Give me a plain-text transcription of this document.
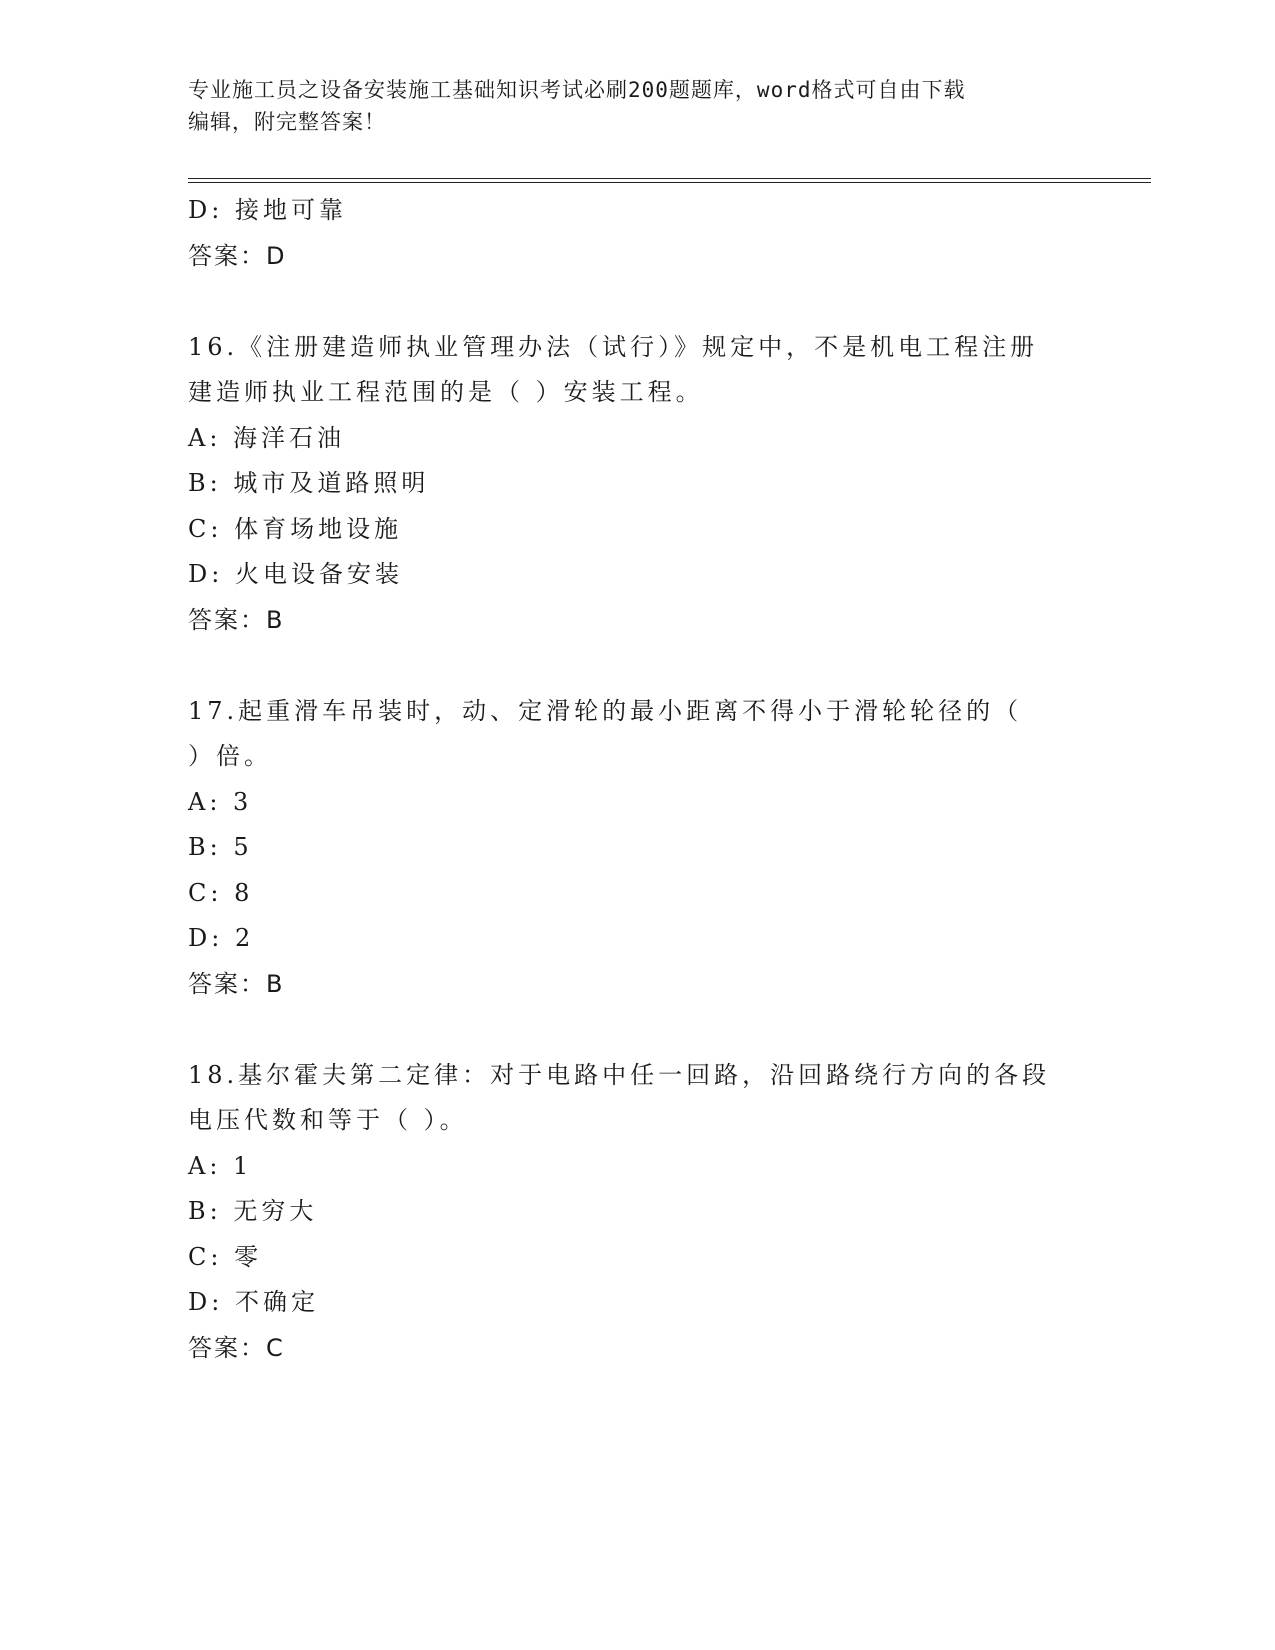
专业施工员之设备安装施工基础知识考试必刷200题题库，word格式可自由下载
编辑，附完整答案！
D: 接地可靠
答案：D
16.《注册建造师执业管理办法（试行）》规定中，不是机电工程注册
建造师执业工程范围的是（ ）安装工程。
A: 海洋石油
B: 城市及道路照明
C: 体育场地设施
D: 火电设备安装
答案：B
17.起重滑车吊装时，动、定滑轮的最小距离不得小于滑轮轮径的（
）倍。
A: 3
B: 5
C: 8
D: 2
答案：B
18.基尔霍夫第二定律：对于电路中任一回路，沿回路绕行方向的各段
电压代数和等于（ ）。
A: 1
B: 无穷大
C: 零
D: 不确定
答案：C
